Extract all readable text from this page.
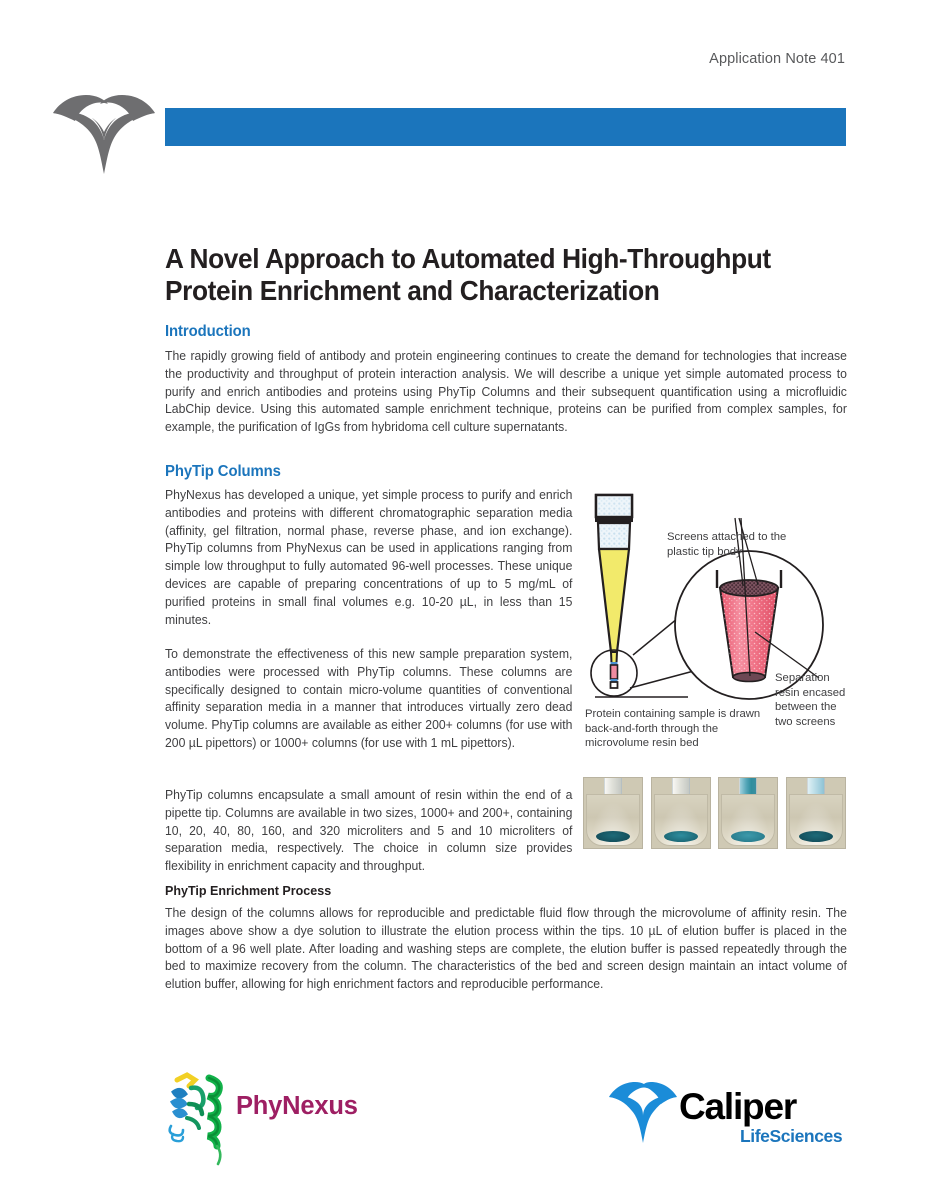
Application Note 401
A Novel Approach to Automated High-Throughput Protein Enrichment and Characterization
Introduction
The rapidly growing field of antibody and protein engineering continues to create the demand for technologies that increase the productivity and throughput of protein interaction analysis. We will describe a unique yet simple automated process to purify and enrich antibodies and proteins using PhyTip Columns and their subsequent quantification using a microfluidic LabChip device. Using this automated sample enrichment technique, proteins can be purified from complex samples, for example, the purification of IgGs from hybridoma cell culture supernatants.
PhyTip Columns
PhyNexus has developed a unique, yet simple process to purify and enrich antibodies and proteins with different chromatographic separation media (affinity, gel filtration, normal phase, reverse phase, and ion exchange). PhyTip columns from PhyNexus can be used in applications ranging from simple low throughput to fully automated 96-well processes. These unique devices are capable of preparing concentrations of up to 5 mg/mL of purified proteins in small final volumes e.g. 10-20 µL, in less than 15 minutes.
To demonstrate the effectiveness of this new sample preparation system, antibodies were processed with PhyTip columns. These columns are specifically designed to contain micro-volume quantities of conventional affinity separation media in a manner that introduces virtually zero dead volume. PhyTip columns are available as either 200+ columns (for use with 200 µL pipettors) or 1000+ columns (for use with 1 mL pipettors).
PhyTip columns encapsulate a small amount of resin within the end of a pipette tip. Columns are available in two sizes, 1000+ and 200+, containing 10, 20, 40, 80, 160, and 320 microliters and 5 and 10 microliters of separation media, respectively. The choice in column size provides flexibility in enrichment capacity and throughput.
Screens attached to the plastic tip body
Separation resin encased between the two screens
Protein containing sample is drawn back-and-forth through the microvolume resin bed
PhyTip Enrichment Process
The design of the columns allows for reproducible and predictable fluid flow through the microvolume of affinity resin. The images above show a dye solution to illustrate the elution process within the tips. 10 µL of elution buffer is placed in the bottom of a 96 well plate. After loading and washing steps are complete, the elution buffer is passed repeatedly through the bed to maximize recovery from the column. The characteristics of the bed and screen design maintain an intact volume of elution buffer, allowing for high enrichment factors and reproducible performance.
PhyNexus	Caliper
LifeSciences
